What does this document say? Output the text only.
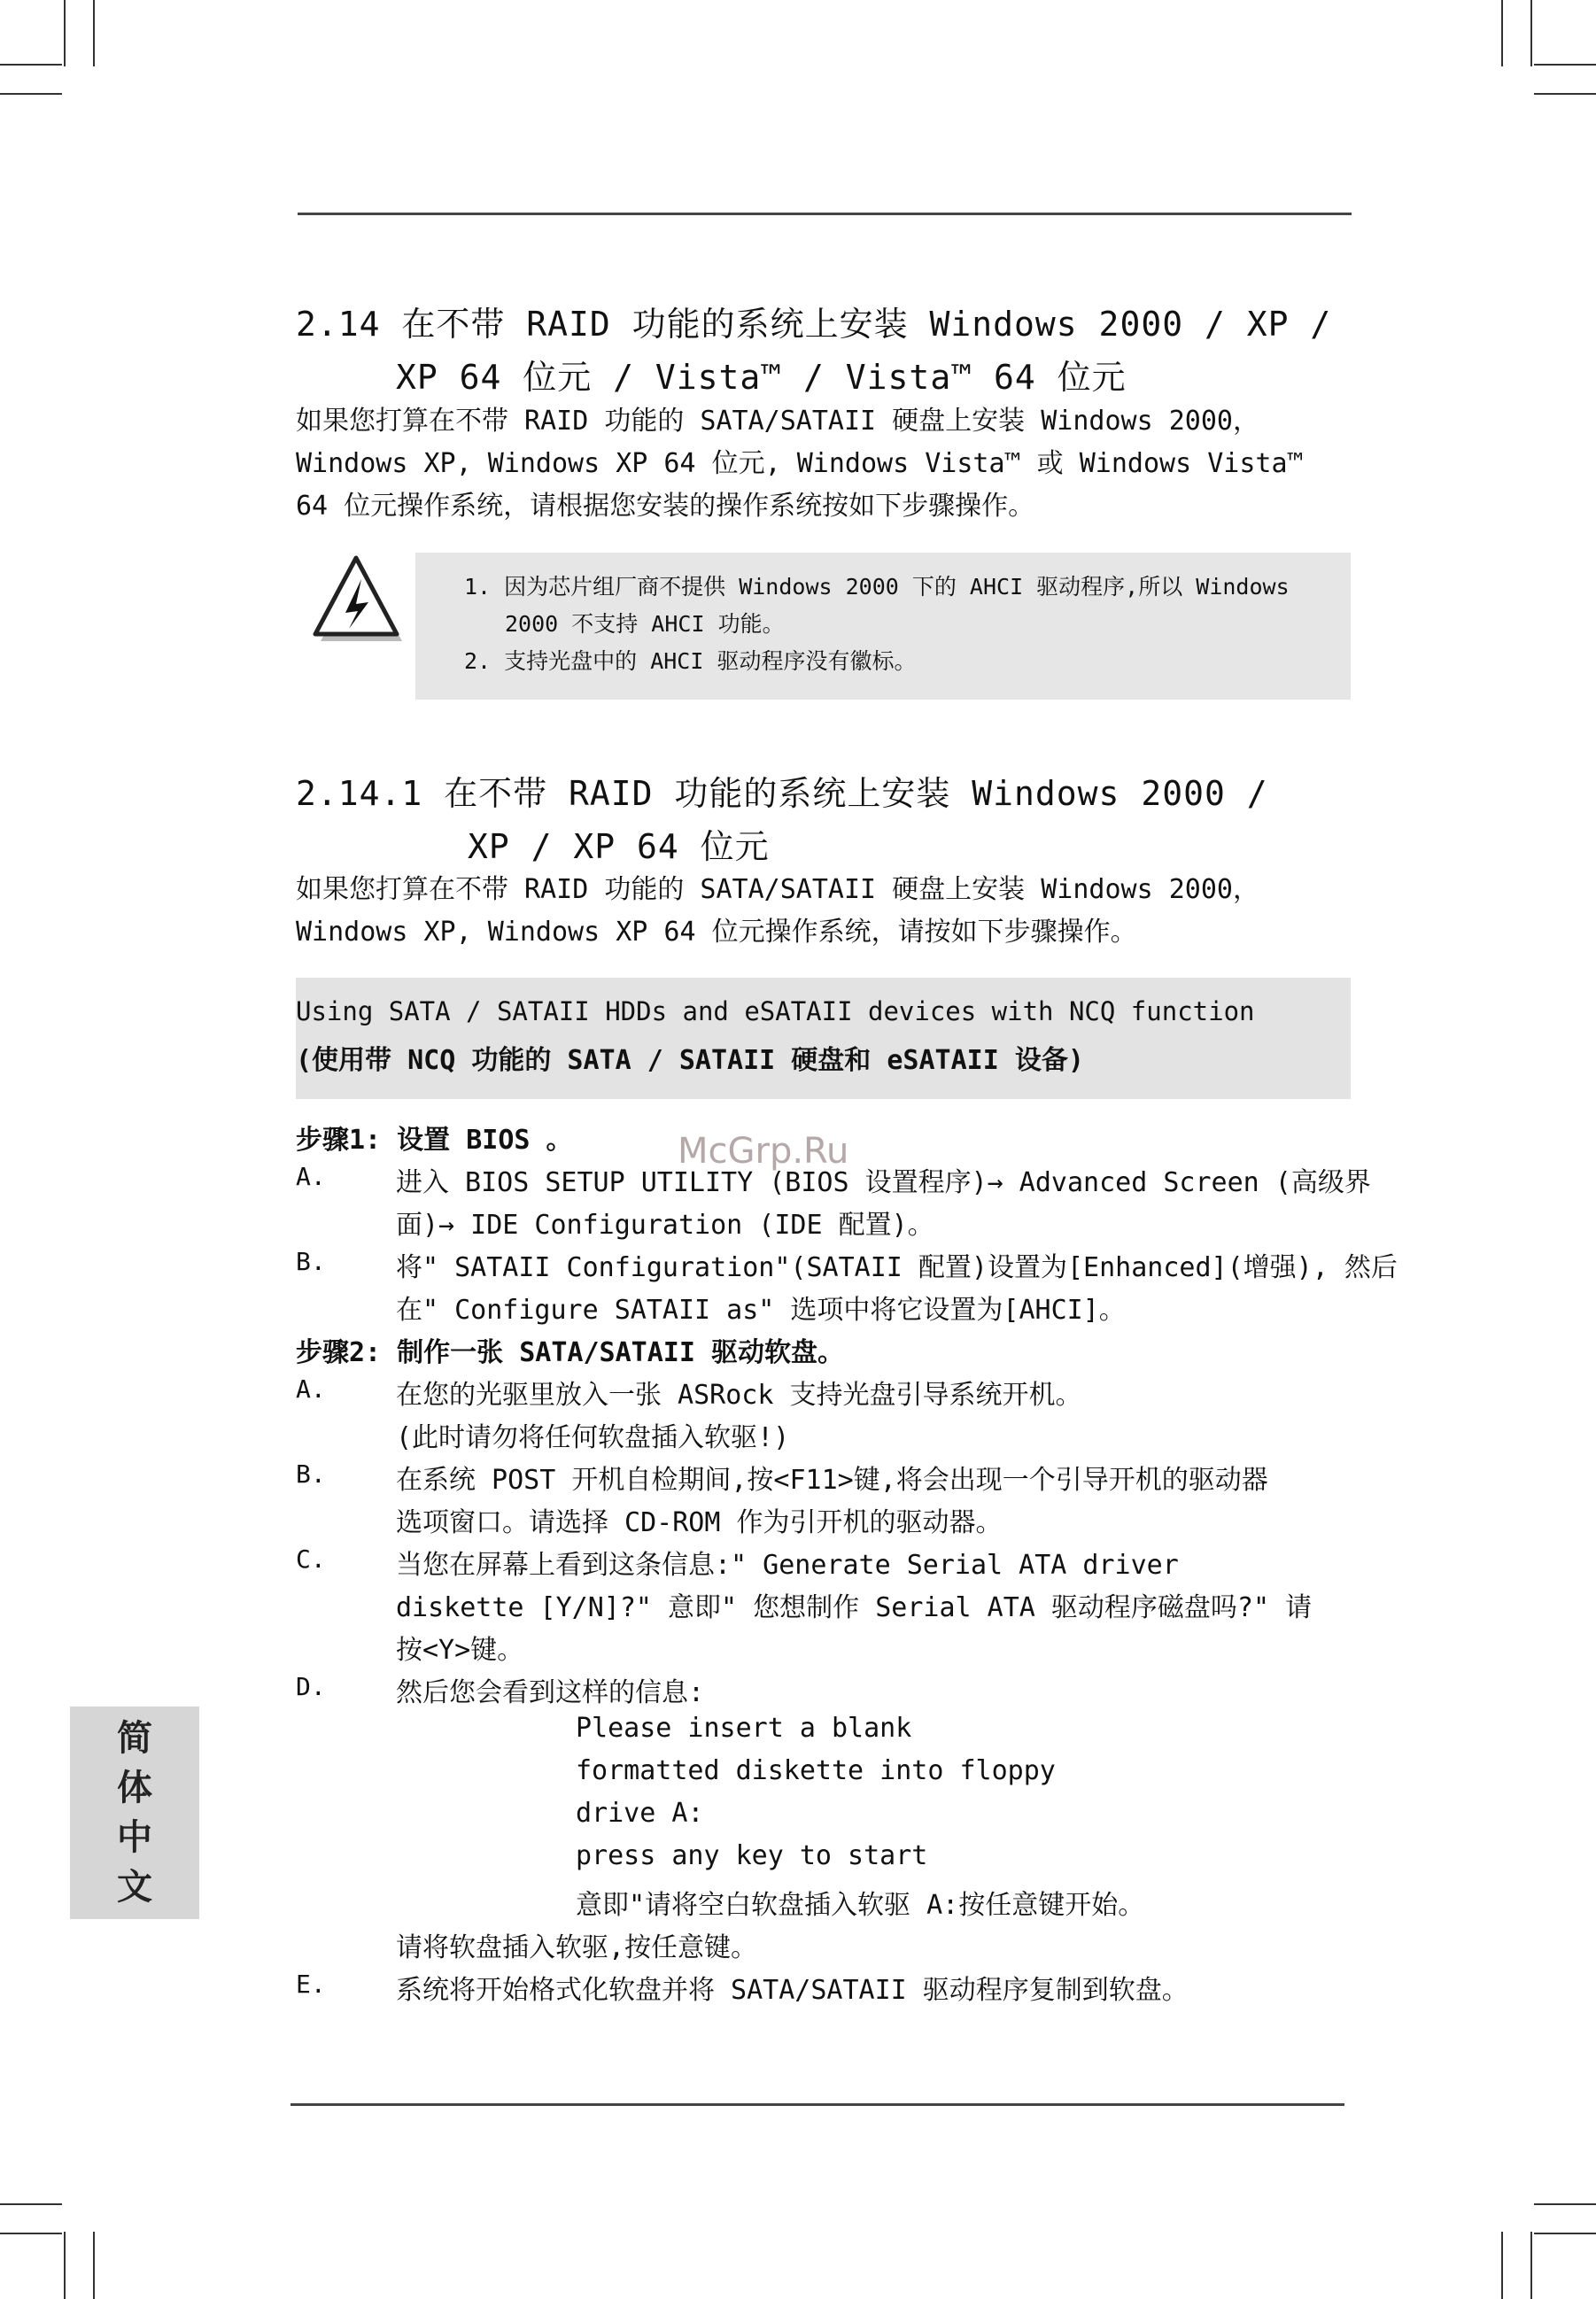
2.14 在不带 RAID 功能的系统上安装 Windows 2000 / XP /
XP 64 位元 / Vista™ / Vista™ 64 位元
如果您打算在不带 RAID 功能的 SATA/SATAII 硬盘上安装 Windows 2000，
Windows XP, Windows XP 64 位元, Windows Vista™ 或 Windows Vista™
64 位元操作系统，请根据您安装的操作系统按如下步骤操作。
1. 因为芯片组厂商不提供 Windows 2000 下的 AHCI 驱动程序,所以 Windows
2000 不支持 AHCI 功能。
2. 支持光盘中的 AHCI 驱动程序没有徽标。
2.14.1 在不带 RAID 功能的系统上安装 Windows 2000 /
XP / XP 64 位元
如果您打算在不带 RAID 功能的 SATA/SATAII 硬盘上安装 Windows 2000，
Windows XP, Windows XP 64 位元操作系统，请按如下步骤操作。
Using SATA / SATAII HDDs and eSATAII devices with NCQ function
(使用带 NCQ 功能的 SATA / SATAII 硬盘和 eSATAII 设备)
步骤1: 设置 BIOS 。
A.	进入 BIOS SETUP UTILITY (BIOS 设置程序)→ Advanced Screen (高级界
面)→ IDE Configuration (IDE 配置)。
B.	将" SATAII Configuration"(SATAII 配置)设置为[Enhanced](增强), 然后
在" Configure SATAII as" 选项中将它设置为[AHCI]。
步骤2: 制作一张 SATA/SATAII 驱动软盘。
A.	在您的光驱里放入一张 ASRock 支持光盘引导系统开机。
(此时请勿将任何软盘插入软驱!)
B.	在系统 POST 开机自检期间,按<F11>键,将会出现一个引导开机的驱动器
选项窗口。请选择 CD-ROM 作为引开机的驱动器。
C.	当您在屏幕上看到这条信息:" Generate Serial ATA driver
diskette [Y/N]?" 意即" 您想制作 Serial ATA 驱动程序磁盘吗?" 请
按<Y>键。
D.	然后您会看到这样的信息:
Please insert a blank
formatted diskette into floppy
drive A:
press any key to start
意即"请将空白软盘插入软驱 A:按任意键开始。
请将软盘插入软驱,按任意键。
E.	系统将开始格式化软盘并将 SATA/SATAII 驱动程序复制到软盘。
McGrp.Ru
简
体
中
文
